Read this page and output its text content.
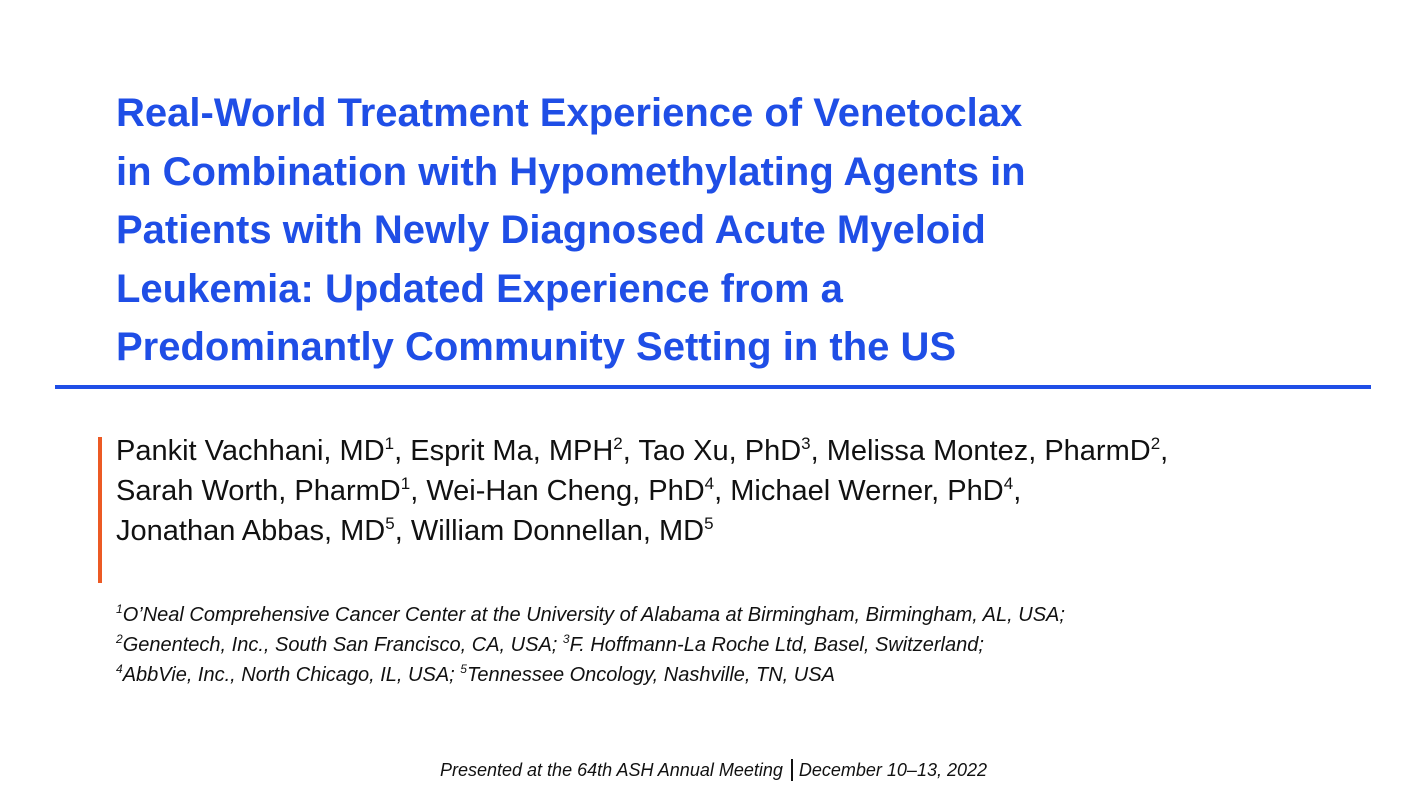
Real-World Treatment Experience of Venetoclax
in Combination with Hypomethylating Agents in
Patients with Newly Diagnosed Acute Myeloid
Leukemia: Updated Experience from a
Predominantly Community Setting in the US
Pankit Vachhani, $MD^1$, Esprit Ma, MPH$^2$, Tao Xu, PhD$^3$, Melissa Montez, PharmD$^2$,
Sarah Worth, PharmD$^1$, Wei-Han Cheng, PhD$^4$, Michael Werner, PhD$^4$,
Jonathan Abbas, $MD^5$, William Donnellan, $MD^5$
$^1$O’Neal Comprehensive Cancer Center at the University of Alabama at Birmingham, Birmingham, AL, USA;
$^2$Genentech, Inc., South San Francisco, CA, USA; $^3$F. Hoffmann-La Roche Ltd, Basel, Switzerland;
$^4$AbbVie, Inc., North Chicago, IL, USA; $^5$Tennessee Oncology, Nashville, TN, USA
Presented at the 64th ASH Annual Meeting December 10–13, 2022
